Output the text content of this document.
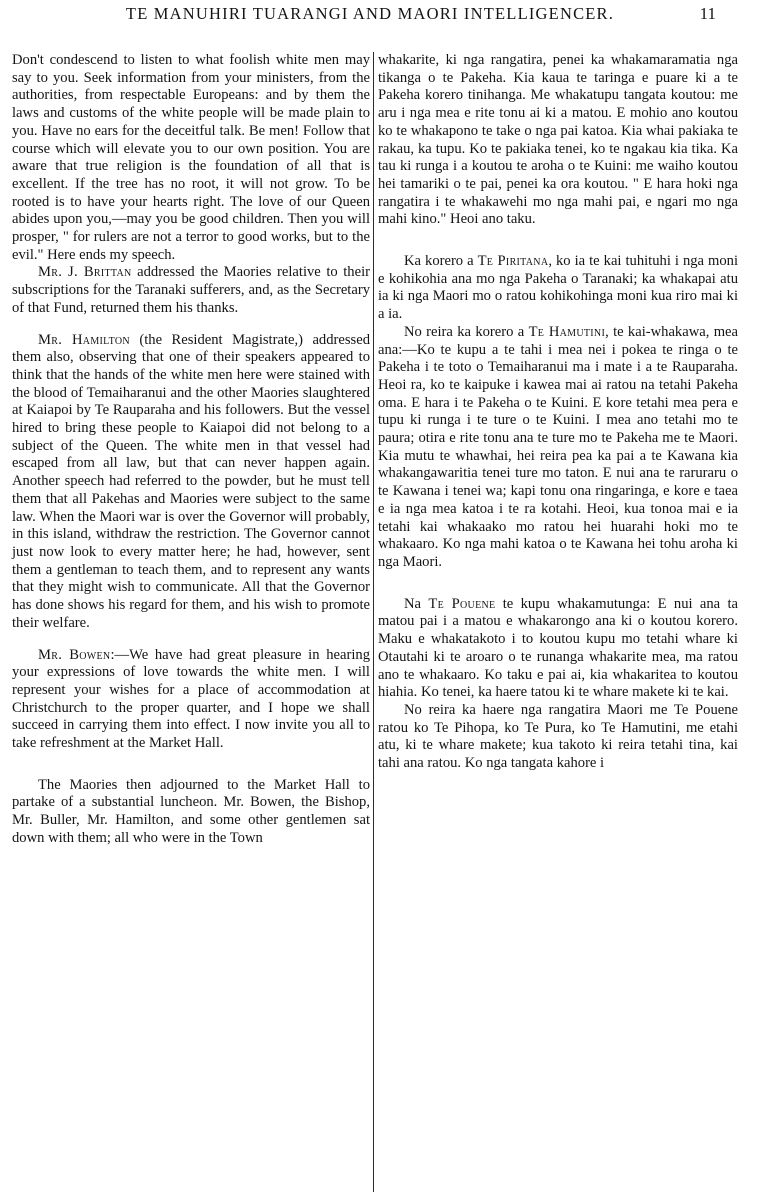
TE MANUHIRI TUARANGI AND MAORI INTELLIGENCER.	11

Don't condescend to listen to what foolish white men may say to you. Seek information from your ministers, from the authorities, from respectable Europeans: and by them the laws and customs of the white people will be made plain to you. Have no ears for the deceitful talk. Be men! Follow that course which will elevate you to our own position. You are aware that true religion is the foundation of all that is excellent. If the tree has no root, it will not grow. To be rooted is to have your hearts right. The love of our Queen abides upon you,—may you be good children. Then you will prosper, " for rulers are not a terror to good works, but to the evil." Here ends my speech.

Mr. J. Brittan addressed the Maories relative to their subscriptions for the Taranaki sufferers, and, as the Secretary of that Fund, returned them his thanks.

Mr. Hamilton (the Resident Magistrate,) addressed them also, observing that one of their speakers appeared to think that the hands of the white men here were stained with the blood of Temaiharanui and the other Maories slaughtered at Kaiapoi by Te Rauparaha and his followers. But the vessel hired to bring these people to Kaiapoi did not belong to a subject of the Queen. The white men in that vessel had escaped from all law, but that can never happen again. Another speech had referred to the powder, but he must tell them that all Pakehas and Maories were subject to the same law. When the Maori war is over the Governor will probably, in this island, withdraw the restriction. The Governor cannot just now look to every matter here; he had, however, sent them a gentleman to teach them, and to represent any wants that they might wish to communicate. All that the Governor has done shows his regard for them, and his wish to promote their welfare.

Mr. Bowen:—We have had great pleasure in hearing your expressions of love towards the white men. I will represent your wishes for a place of accommodation at Christchurch to the proper quarter, and I hope we shall succeed in carrying them into effect. I now invite you all to take refreshment at the Market Hall.

The Maories then adjourned to the Market Hall to partake of a substantial luncheon. Mr. Bowen, the Bishop, Mr. Buller, Mr. Hamilton, and some other gentlemen sat down with them; all who were in the Town

whakarite, ki nga rangatira, penei ka whakamaramatia nga tikanga o te Pakeha. Kia kaua te taringa e puare ki a te Pakeha korero tinihanga. Me whakatupu tangata koutou: me aru i nga mea e rite tonu ai ki a matou. E mohio ano koutou ko te whakapono te take o nga pai katoa. Kia whai pakiaka te rakau, ka tupu. Ko te pakiaka tenei, ko te ngakau kia tika. Ka tau ki runga i a koutou te aroha o te Kuini: me waiho koutou hei tamariki o te pai, penei ka ora koutou. " E hara hoki nga rangatira i te whakawehi mo nga mahi pai, e ngari mo nga mahi kino." Heoi ano taku.

Ka korero a Te Piritana, ko ia te kai tuhituhi i nga moni e kohikohia ana mo nga Pakeha o Taranaki; ka whakapai atu ia ki nga Maori mo o ratou kohikohinga moni kua riro mai ki a ia.

No reira ka korero a Te Hamutini, te kai-whakawa, mea ana:—Ko te kupu a te tahi i mea nei i pokea te ringa o te Pakeha i te toto o Temaiharanui ma i mate i a te Rauparaha. Heoi ra, ko te kaipuke i kawea mai ai ratou na tetahi Pakeha oma. E hara i te Pakeha o te Kuini. E kore tetahi mea pera e tupu ki runga i te ture o te Kuini. I mea ano tetahi mo te paura; otira e rite tonu ana te ture mo te Pakeha me te Maori. Kia mutu te whawhai, hei reira pea ka pai a te Kawana kia whakangawaritia tenei ture mo taton. E nui ana te raruraru o te Kawana i tenei wa; kapi tonu ona ringaringa, e kore e taea e ia nga mea katoa i te ra kotahi. Heoi, kua tonoa mai e ia tetahi kai whakaako mo ratou hei huarahi hoki mo te whakaaro. Ko nga mahi katoa o te Kawana hei tohu aroha ki nga Maori.

Na Te Pouene te kupu whakamutunga: E nui ana ta matou pai i a matou e whakarongo ana ki o koutou korero. Maku e whakatakoto i to koutou kupu mo tetahi whare ki Otautahi ki te aroaro o te runanga whakarite mea, ma ratou ano te whakaaro. Ko taku e pai ai, kia whakaritea to koutou hiahia. Ko tenei, ka haere tatou ki te whare makete ki te kai.

No reira ka haere nga rangatira Maori me Te Pouene ratou ko Te Pihopa, ko Te Pura, ko Te Hamutini, me etahi atu, ki te whare makete; kua takoto ki reira tetahi tina, kai tahi ana ratou. Ko nga tangata kahore i
